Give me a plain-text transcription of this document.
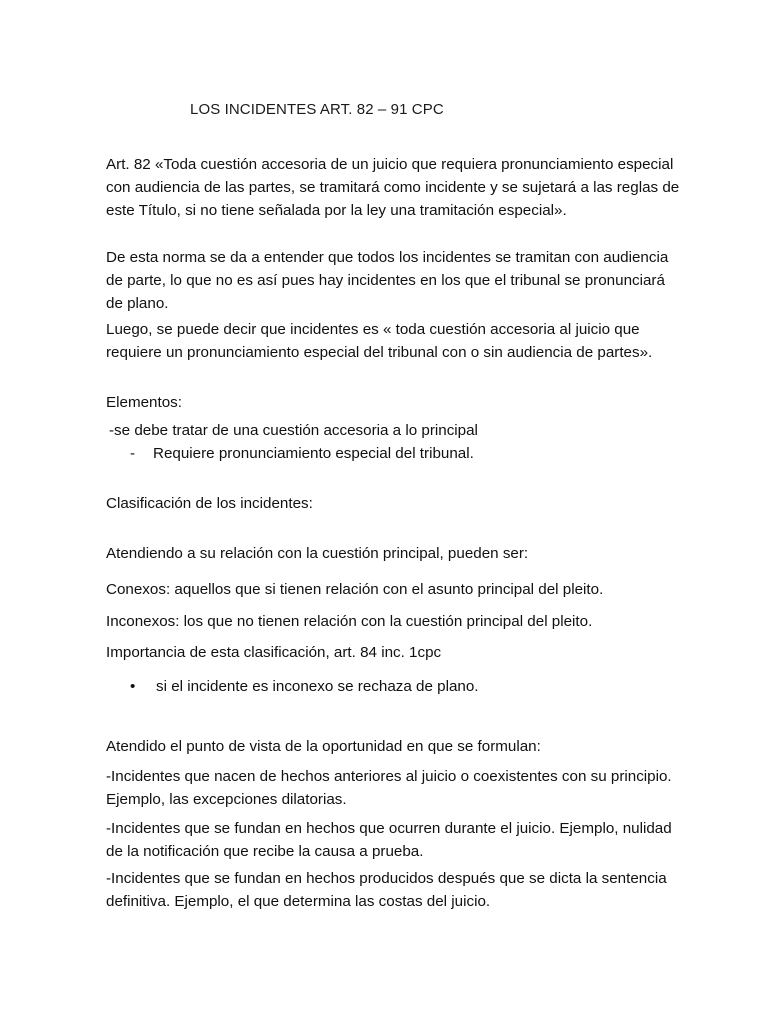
LOS INCIDENTES ART. 82 – 91 CPC

Art. 82 «Toda cuestión accesoria de un juicio que requiera pronunciamiento especial con audiencia de las partes, se tramitará como incidente y se sujetará a las reglas de este Título, si no tiene señalada por la ley una tramitación especial».

De esta norma se da a entender que todos los incidentes se tramitan con audiencia de parte, lo que no es así pues hay incidentes en los que el tribunal se pronunciará de plano.

Luego, se puede decir que incidentes es « toda cuestión accesoria al juicio que requiere un pronunciamiento especial del tribunal con o sin audiencia de partes».

Elementos:

-se debe tratar de una cuestión accesoria a lo principal
- Requiere pronunciamiento especial del tribunal.

Clasificación de los incidentes:

Atendiendo a su relación con la cuestión principal, pueden ser:

Conexos: aquellos que si tienen relación con el asunto principal del pleito.

Inconexos: los que no tienen relación con la cuestión principal del pleito.

Importancia de esta clasificación, art. 84 inc. 1cpc

• si el incidente es inconexo se rechaza de plano.

Atendido el punto de vista de la oportunidad en que se formulan:

-Incidentes que nacen de hechos anteriores al juicio o coexistentes con su principio. Ejemplo, las excepciones dilatorias.

-Incidentes que se fundan en hechos que ocurren durante el juicio. Ejemplo, nulidad de la notificación que recibe la causa a prueba.

-Incidentes que se fundan en hechos producidos después que se dicta la sentencia definitiva. Ejemplo, el que determina las costas del juicio.
